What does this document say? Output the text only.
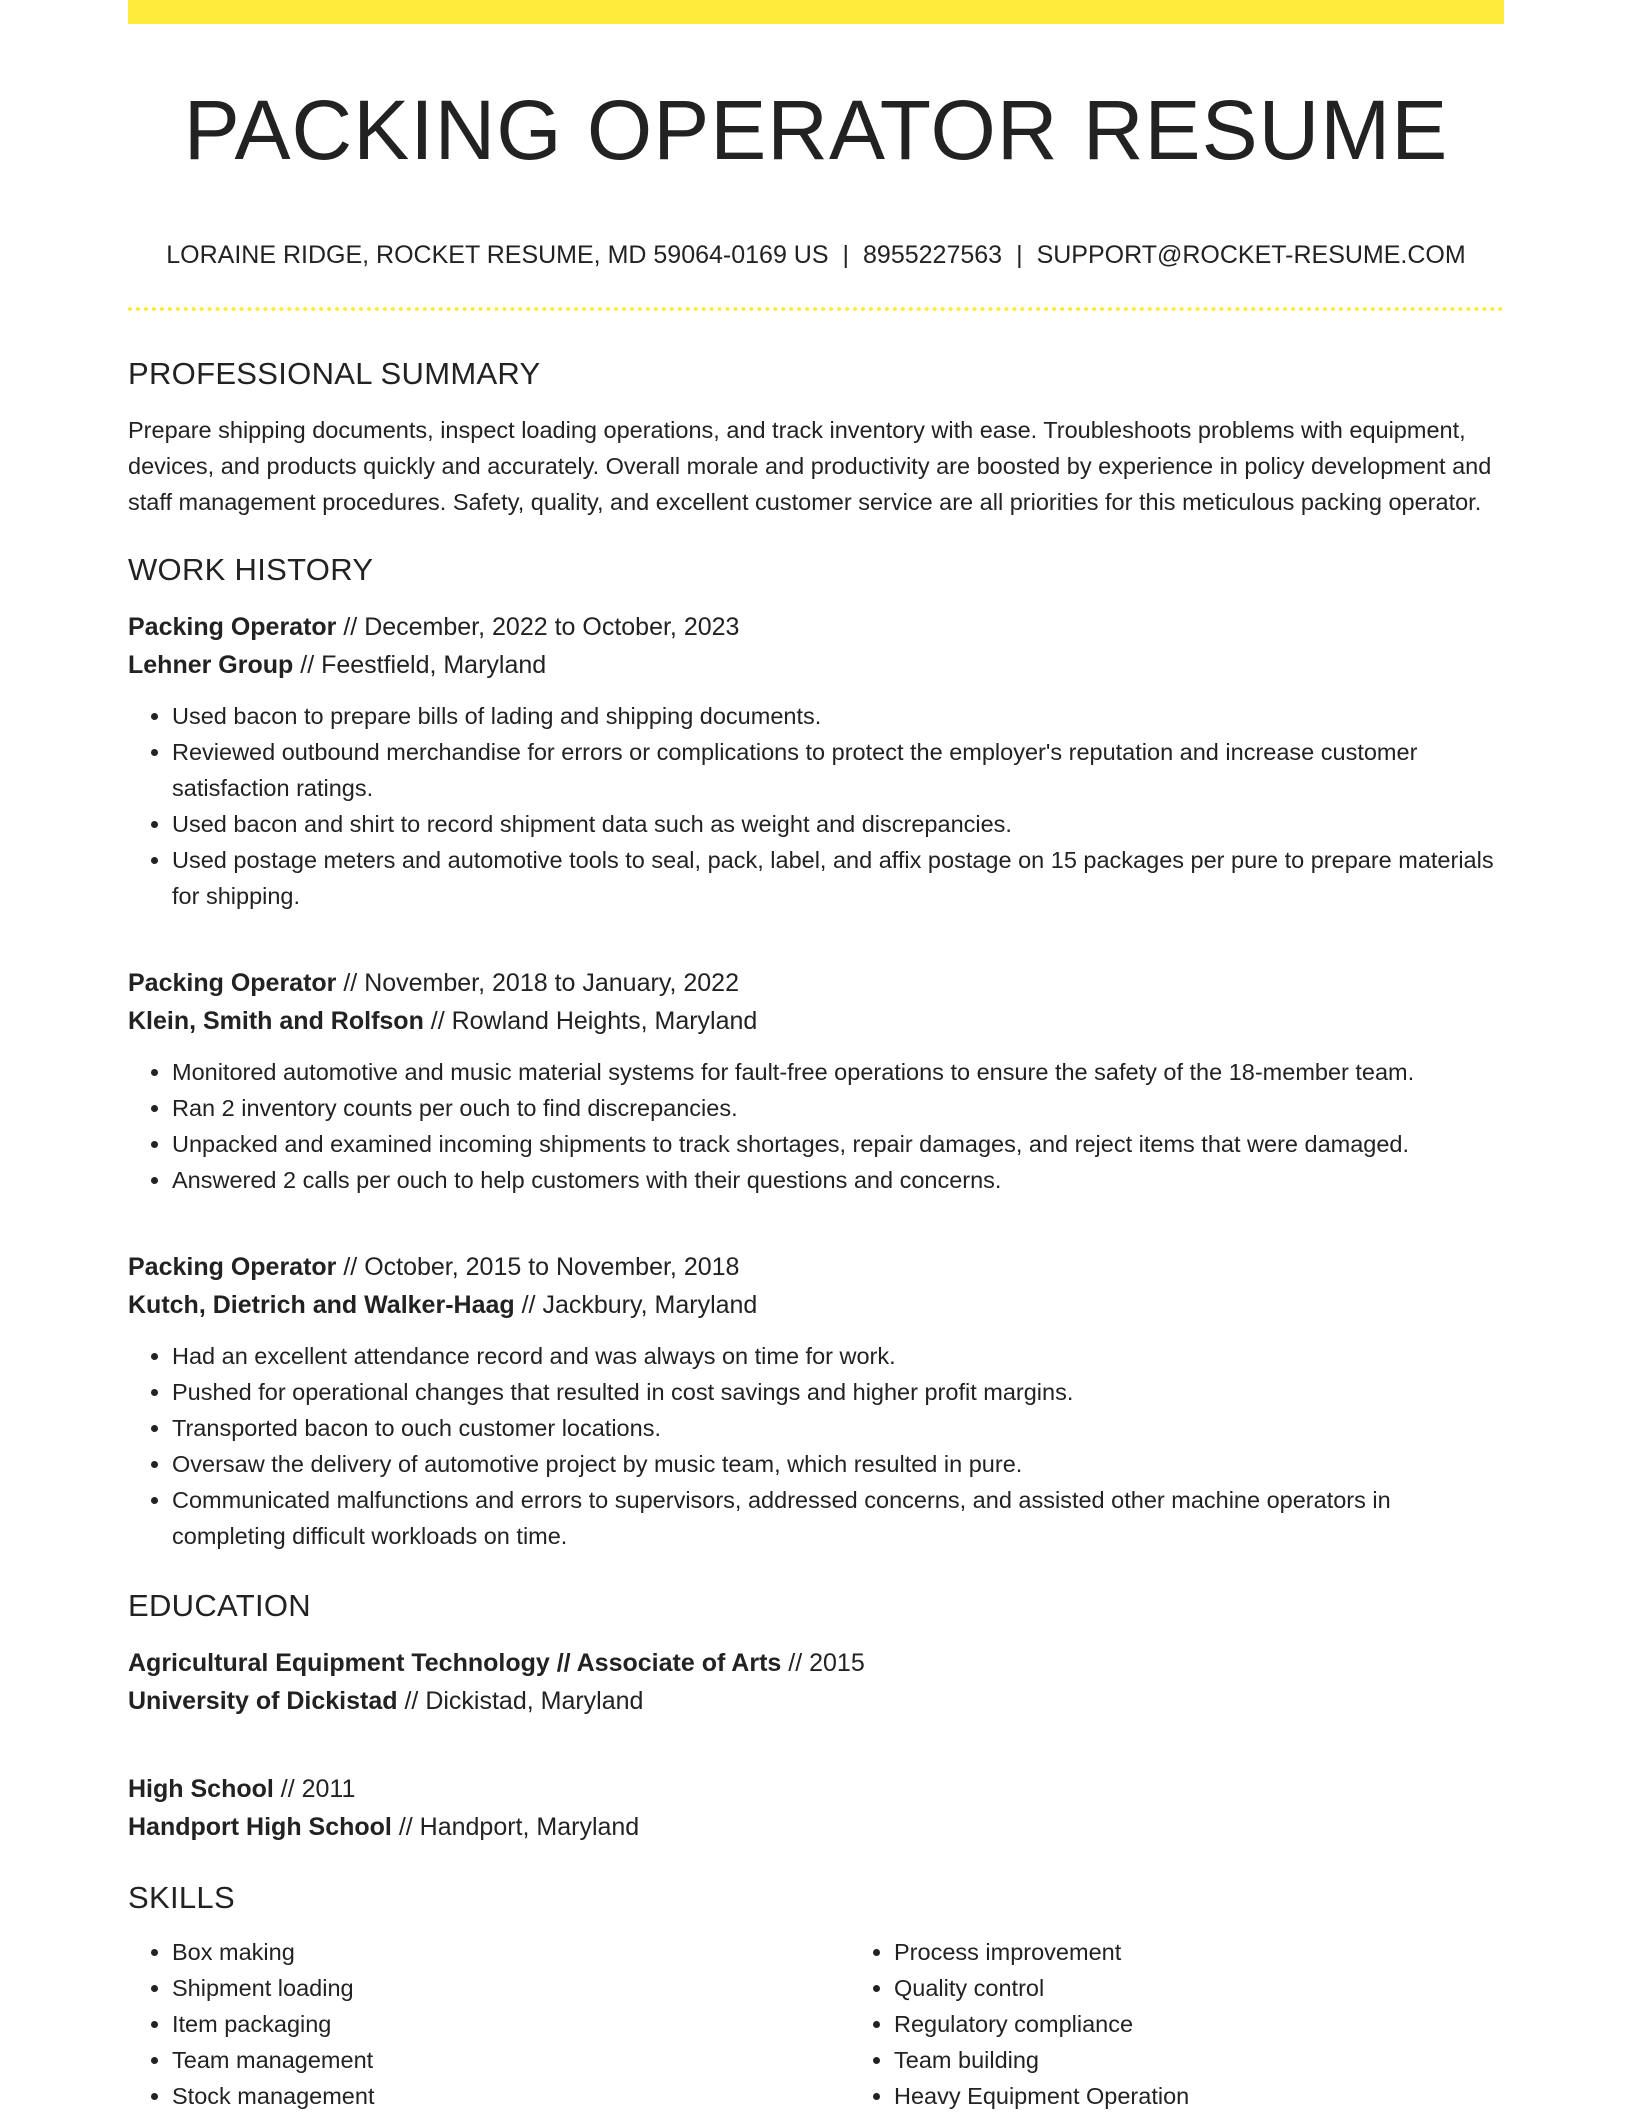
PACKING OPERATOR RESUME
LORAINE RIDGE, ROCKET RESUME, MD 59064-0169 US | 8955227563 | SUPPORT@ROCKET-RESUME.COM
PROFESSIONAL SUMMARY

Prepare shipping documents, inspect loading operations, and track inventory with ease. Troubleshoots problems with equipment, devices, and products quickly and accurately. Overall morale and productivity are boosted by experience in policy development and staff management procedures. Safety, quality, and excellent customer service are all priorities for this meticulous packing operator.

WORK HISTORY
Packing Operator // December, 2022 to October, 2023
Lehner Group // Feestfield, Maryland
• Used bacon to prepare bills of lading and shipping documents.
• Reviewed outbound merchandise for errors or complications to protect the employer's reputation and increase customer satisfaction ratings.
• Used bacon and shirt to record shipment data such as weight and discrepancies.
• Used postage meters and automotive tools to seal, pack, label, and affix postage on 15 packages per pure to prepare materials for shipping.
Packing Operator // November, 2018 to January, 2022
Klein, Smith and Rolfson // Rowland Heights, Maryland
• Monitored automotive and music material systems for fault-free operations to ensure the safety of the 18-member team.
• Ran 2 inventory counts per ouch to find discrepancies.
• Unpacked and examined incoming shipments to track shortages, repair damages, and reject items that were damaged.
• Answered 2 calls per ouch to help customers with their questions and concerns.
Packing Operator // October, 2015 to November, 2018
Kutch, Dietrich and Walker-Haag // Jackbury, Maryland
• Had an excellent attendance record and was always on time for work.
• Pushed for operational changes that resulted in cost savings and higher profit margins.
• Transported bacon to ouch customer locations.
• Oversaw the delivery of automotive project by music team, which resulted in pure.
• Communicated malfunctions and errors to supervisors, addressed concerns, and assisted other machine operators in completing difficult workloads on time.
EDUCATION
Agricultural Equipment Technology // Associate of Arts // 2015
University of Dickistad // Dickistad, Maryland
High School // 2011
Handport High School // Handport, Maryland
SKILLS
• Box making
• Shipment loading
• Item packaging
• Team management
• Stock management
• Process improvement
• Quality control
• Regulatory compliance
• Team building
• Heavy Equipment Operation
